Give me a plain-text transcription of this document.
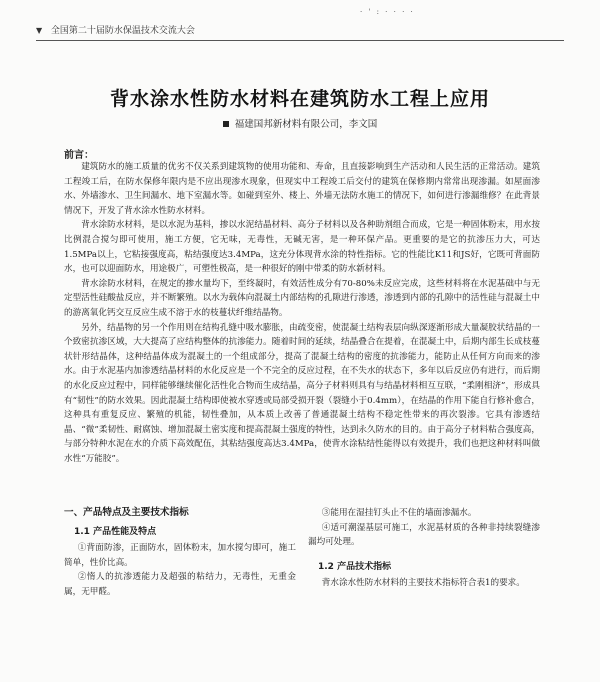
· ' : · · · ·
▼ 全国第二十届防水保温技术交流大会
背水涂水性防水材料在建筑防水工程上应用
福建国邦新材料有限公司，李文国
前言：

建筑防水的施工质量的优劣不仅关系到建筑物的使用功能和、寿命，且直接影响到生产活动和人民生活的正常活动。建筑工程竣工后，在防水保修年限内是不应出现渗水现象，但现实中工程竣工后交付的建筑在保修期内常常出现渗漏。如屋面渗水、外墙渗水、卫生间漏水、地下室漏水等。如碰到室外、楼上、外墙无法防水施工的情况下，如何进行渗漏维修？在此背景情况下，开发了背水涂水性防水材料。

背水涂防水材料，是以水泥为基料，掺以水泥结晶材料、高分子材料以及各种助剂组合而成，它是一种固体粉末，用水按比例混合搅匀即可使用，施工方便，它无味，无毒性，无碱无害，是一种环保产品。更重要的是它的抗渗压力大，可达1.5MPa以上，它粘接强度高，粘结强度达3.4MPa，这充分体现背水涂的特性指标。它的性能比K11和JS好，它既可背面防水，也可以迎面防水，用途极广，可塑性极高，是一种很好的刚中带柔的防水新材料。

背水涂防水材料，在规定的掺水量均下，至终凝时，有效活性成分有70-80%未反应完成，这些材料将在水泥基础中与无定型活性硅酸盐反应，并不断繁殖。以水为载体向混凝土内部结构的孔隙进行渗透，渗透到内部的孔隙中的活性硅与混凝土中的游离氧化钙交互反应生成不溶于水的枝蔓状纤维结晶物。

另外，结晶物的另一个作用则在结构孔缝中吸水膨胀，由疏变密，使混凝土结构表层向纵深逐渐形成大量凝胶状结晶的一个致密抗渗区域，大大提高了应结构整体的抗渗能力。随着时间的延续，结晶叠合在提着，在混凝土中，后期内部生长成枝蔓状针形结晶体，这种结晶体成为混凝土的一个组成部分，提高了混凝土结构的密度的抗渗能力，能防止从任何方向而来的渗水。由于水泥基内加渗透结晶材料的水化反应是一个不完全的反应过程，在不失水的状态下，多年以后反应仍有进行，而后期的水化反应过程中，同样能够继续催化活性化合物而生成结晶，高分子材料则具有与结晶材料相互互联，“柔刚相济”，形成具有“韧性”的防水效果。因此混凝土结构即使被水穿透或局部受损开裂（裂缝小于0.4mm），在结晶的作用下能自行修补愈合，这种具有重复反应、繁殖的机能，韧性叠加，从本质上改善了普通混凝土结构不稳定性带来的再次裂渗。它具有渗透结晶、“微”柔韧性、耐腐蚀、增加混凝土密实度和提高混凝土强度的特性，达到永久防水的目的。由于高分子材料粘合强度高，与部分特种水泥在水的介质下高效配伍，其粘结强度高达3.4MPa，使背水涂粘结性能得以有效提升，我们也把这种材料叫做水性“万能胶”。

一、产品特点及主要技术指标
1.1 产品性能及特点

①背面防渗，正面防水，固体粉末，加水搅匀即可，施工简单，性价比高。

②惰人的抗渗透能力及超强的粘结力，无毒性，无重金属，无甲醛。

③能用在湿挂钉头止不住的墙面渗漏水。

④适可潮湿基层可施工，水泥基材质的各种非持续裂缝渗漏均可处理。

1.2 产品技术指标

背水涂水性防水材料的主要技术指标符合表1的要求。
